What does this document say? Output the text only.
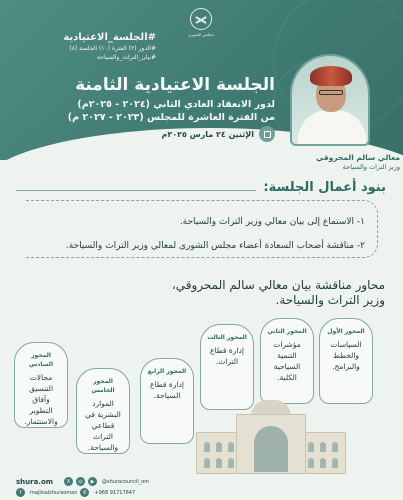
مجلس الشورى
#الجلسة_الاعتيادية
#الدور (٢) الفترة (١٠) الجلسة (٨)
#بيان_التراث_والسياحة
الجلسة الاعتيادية الثامنة
لدور الانعقاد العادي الثاني (٢٠٢٤ - ٢٠٢٥م)
من الفترة العاشرة للمجلس (٢٠٢٣ - ٢٠٢٧ م)
الإثنين ٢٤ مارس ٢٠٢٥م
معالي سالم المحروقي
وزير التراث والسياحة
بنود أعمال الجلسة:
١- الاستماع إلى بيان معالي وزير التراث والسياحة.
٢- مناقشة أصحاب السعادة أعضاء مجلس الشورى لمعالي وزير التراث والسياحة.
محاور مناقشة بيان معالي سالم المحروقي،
وزير التراث والسياحة.
المحور الأول
السياسات والخطط والبرامج.
المحور الثاني
مؤشرات التنمية السياحية الكلية.
المحور الثالث
إدارة قطاع التراث.
المحور الرابع
إدارة قطاع السياحة.
المحور الخامس
الموارد البشرية في قطاعي التراث والسياحة.
المحور السادس
مجالات التنسيق وآفاق التطوير والاستثمار.
shura.om	X	◎	▶	@shuracouncil_om
f	majlisalshuraoman	✆	+968 91717647
